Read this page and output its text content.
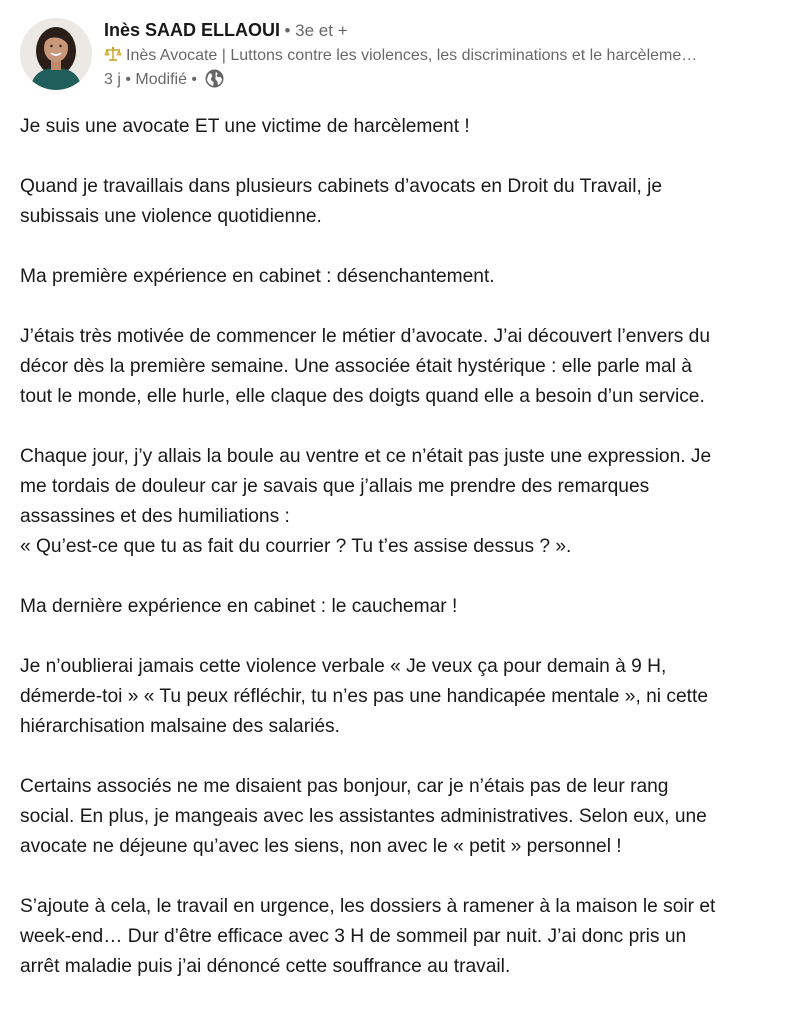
Inès SAAD ELLAOUI • 3e et +
Inès Avocate | Luttons contre les violences, les discriminations et le harcèleme…
3 j • Modifié •

Je suis une avocate ET une victime de harcèlement !

Quand je travaillais dans plusieurs cabinets d’avocats en Droit du Travail, je
subissais une violence quotidienne.

Ma première expérience en cabinet : désenchantement.

J’étais très motivée de commencer le métier d’avocate. J’ai découvert l’envers du
décor dès la première semaine. Une associée était hystérique : elle parle mal à
tout le monde, elle hurle, elle claque des doigts quand elle a besoin d’un service.

Chaque jour, j’y allais la boule au ventre et ce n’était pas juste une expression. Je
me tordais de douleur car je savais que j’allais me prendre des remarques
assassines et des humiliations :
« Qu’est-ce que tu as fait du courrier ? Tu t’es assise dessus ? ».

Ma dernière expérience en cabinet : le cauchemar !

Je n’oublierai jamais cette violence verbale « Je veux ça pour demain à 9 H,
démerde-toi » « Tu peux réfléchir, tu n’es pas une handicapée mentale », ni cette
hiérarchisation malsaine des salariés.

Certains associés ne me disaient pas bonjour, car je n’étais pas de leur rang
social. En plus, je mangeais avec les assistantes administratives. Selon eux, une
avocate ne déjeune qu’avec les siens, non avec le « petit » personnel !

S’ajoute à cela, le travail en urgence, les dossiers à ramener à la maison le soir et
week-end… Dur d’être efficace avec 3 H de sommeil par nuit. J’ai donc pris un
arrêt maladie puis j’ai dénoncé cette souffrance au travail.
